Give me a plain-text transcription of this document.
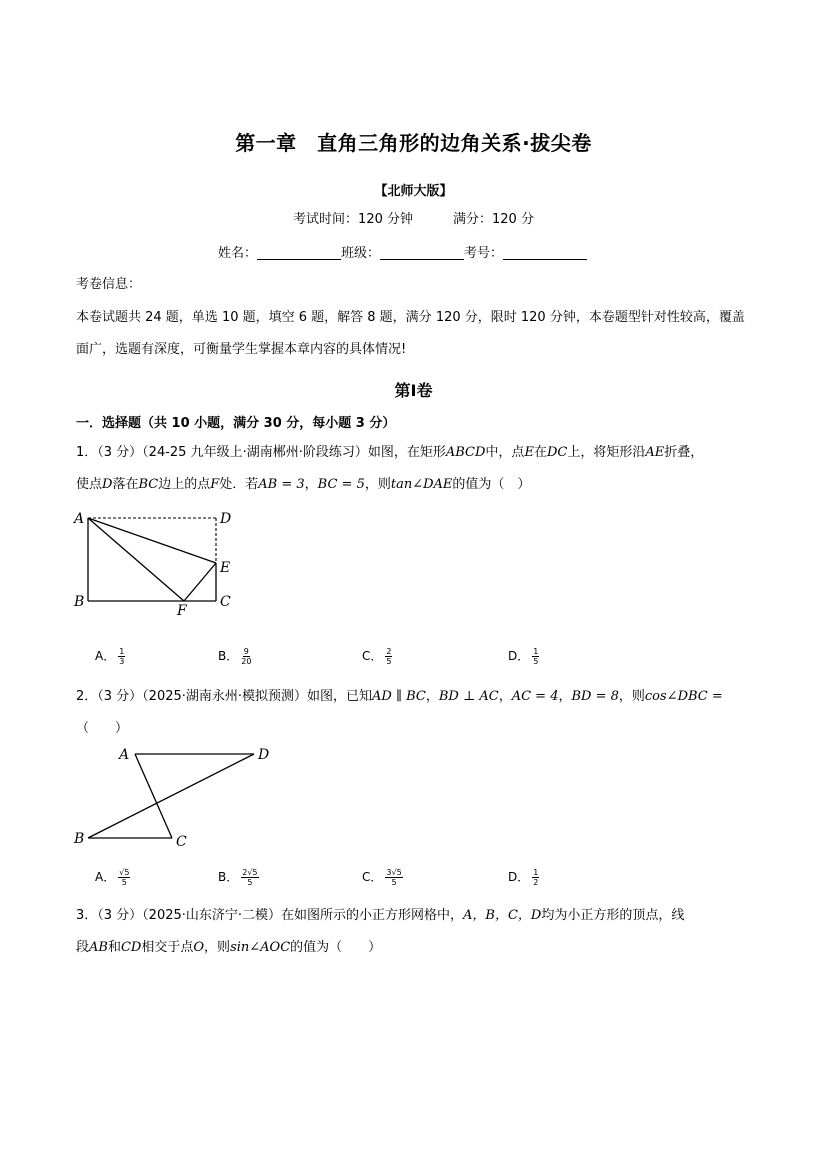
第一章　直角三角形的边角关系·拔尖卷
【北师大版】
考试时间：120 分钟	满分：120 分
姓名：	班级：	考号：
考卷信息：
本卷试题共 24 题，单选 10 题，填空 6 题，解答 8 题，满分 120 分，限时 120 分钟，本卷题型针对性较高，覆盖
面广，选题有深度，可衡量学生掌握本章内容的具体情况!
第I卷
一．选择题（共 10 小题，满分 30 分，每小题 3 分）
1．（3 分）（24-25 九年级上·湖南郴州·阶段练习）如图，在矩形ABCD中，点E在DC上，将矩形沿AE折叠，
使点D落在BC边上的点F处．若AB = 3，BC = 5，则tan∠DAE的值为（　）
A	D
E
B	C
F
A． $\frac{1}{3}$	B． $\frac{9}{20}$	C． $\frac{2}{5}$	D． $\frac{1}{5}$
2．（3 分）（2025·湖南永州·模拟预测）如图，已知AD ∥ BC，BD ⊥ AC，AC = 4，BD = 8，则cos∠DBC =
（　　）
A	D
B	C
A． $\frac{√5}{5}$	B． $\frac{2√5}{5}$	C． $\frac{3√5}{5}$	D． $\frac{1}{2}$
3．（3 分）（2025·山东济宁·二模）在如图所示的小正方形网格中，A，B，C，D均为小正方形的顶点，线
段AB和CD相交于点O，则sin∠AOC的值为（　　）
